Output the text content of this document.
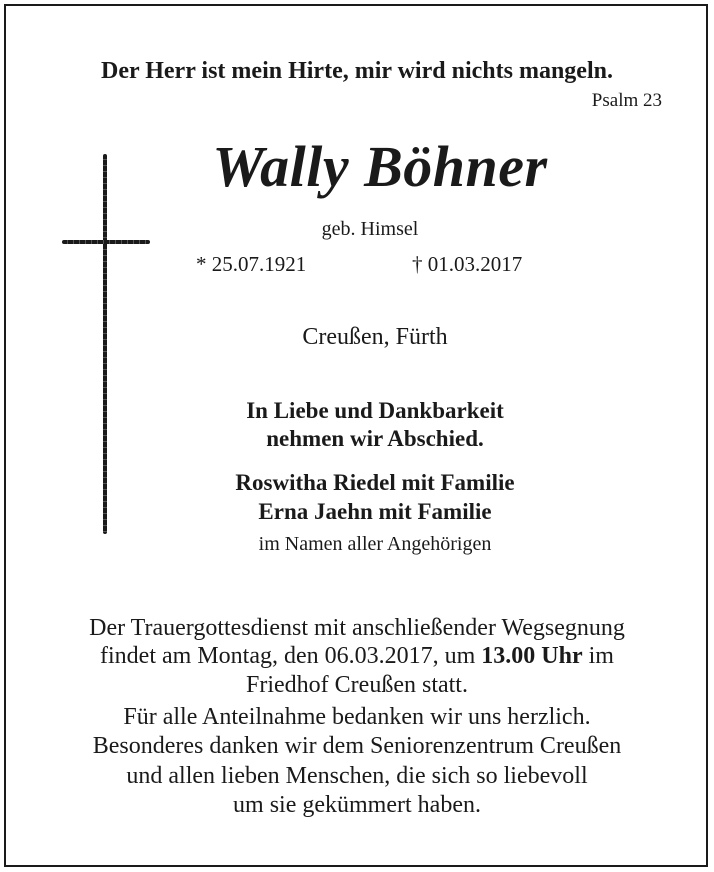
Der Herr ist mein Hirte, mir wird nichts mangeln.
Psalm 23
Wally Böhner
geb. Himsel
* 25.07.1921	† 01.03.2017
Creußen, Fürth
In Liebe und Dankbarkeit
nehmen wir Abschied.
Roswitha Riedel mit Familie
Erna Jaehn mit Familie
im Namen aller Angehörigen
Der Trauergottesdienst mit anschließender Wegsegnung
findet am Montag, den 06.03.2017, um 13.00 Uhr im
Friedhof Creußen statt.
Für alle Anteilnahme bedanken wir uns herzlich.
Besonderes danken wir dem Seniorenzentrum Creußen
und allen lieben Menschen, die sich so liebevoll
um sie gekümmert haben.
